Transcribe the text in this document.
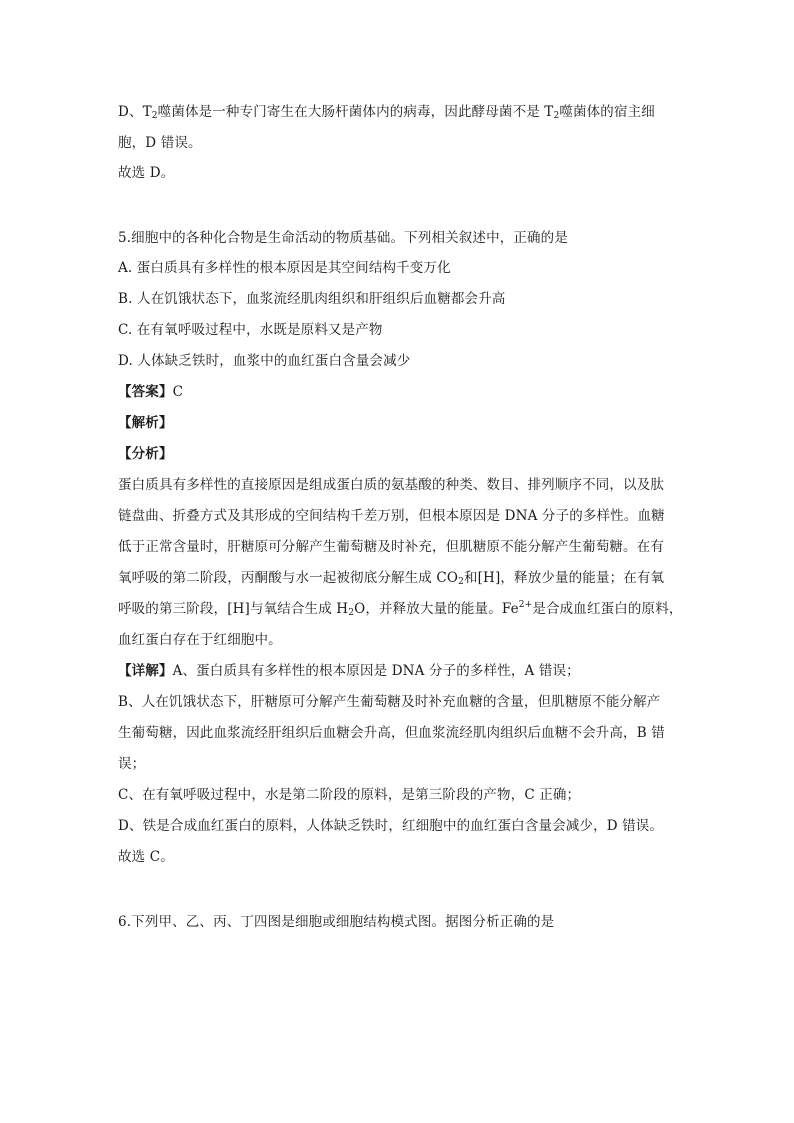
D、$T_2$噬菌体是一种专门寄生在大肠杆菌体内的病毒，因此酵母菌不是 $T_2$噬菌体的宿主细
胞，D 错误。
故选 D。
5.细胞中的各种化合物是生命活动的物质基础。下列相关叙述中，正确的是
A. 蛋白质具有多样性的根本原因是其空间结构千变万化
B. 人在饥饿状态下，血浆流经肌肉组织和肝组织后血糖都会升高
C. 在有氧呼吸过程中，水既是原料又是产物
D. 人体缺乏铁时，血浆中的血红蛋白含量会减少
【答案】C
【解析】
【分析】
蛋白质具有多样性的直接原因是组成蛋白质的氨基酸的种类、数目、排列顺序不同，以及肽
链盘曲、折叠方式及其形成的空间结构千差万别，但根本原因是 DNA 分子的多样性。血糖
低于正常含量时，肝糖原可分解产生葡萄糖及时补充，但肌糖原不能分解产生葡萄糖。在有
氧呼吸的第二阶段，丙酮酸与水一起被彻底分解生成 $CO_2$和[H]，释放少量的能量；在有氧
呼吸的第三阶段，[H]与氧结合生成 $H_2O$，并释放大量的能量。$Fe^{2+}$是合成血红蛋白的原料，
血红蛋白存在于红细胞中。
【详解】A、蛋白质具有多样性的根本原因是 DNA 分子的多样性，A 错误；
B、人在饥饿状态下，肝糖原可分解产生葡萄糖及时补充血糖的含量，但肌糖原不能分解产
生葡萄糖，因此血浆流经肝组织后血糖会升高，但血浆流经肌肉组织后血糖不会升高，B 错
误；
C、在有氧呼吸过程中，水是第二阶段的原料，是第三阶段的产物，C 正确；
D、铁是合成血红蛋白的原料，人体缺乏铁时，红细胞中的血红蛋白含量会减少，D 错误。
故选 C。
6.下列甲、乙、丙、丁四图是细胞或细胞结构模式图。据图分析正确的是
